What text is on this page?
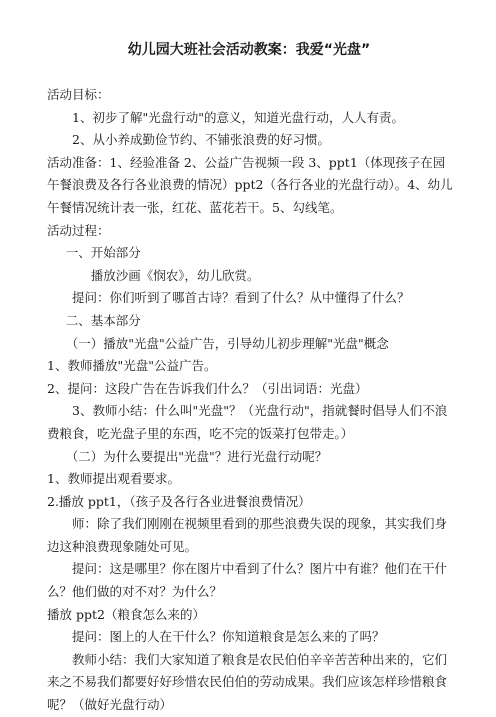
幼儿园大班社会活动教案：我爱“光盘”

活动目标：

1、初步了解"光盘行动"的意义，知道光盘行动，人人有责。

2、从小养成勤俭节约、不铺张浪费的好习惯。

活动准备：1、经验准备 2、公益广告视频一段 3、ppt1（体现孩子在园午餐浪费及各行各业浪费的情况）ppt2（各行各业的光盘行动）。4、幼儿午餐情况统计表一张，红花、蓝花若干。5、勾线笔。

活动过程：

一、开始部分

播放沙画《悯农》，幼儿欣赏。

提问：你们听到了哪首古诗？看到了什么？从中懂得了什么？

二、基本部分

（一）播放"光盘"公益广告，引导幼儿初步理解"光盘"概念

1、教师播放"光盘"公益广告。

2、提问：这段广告在告诉我们什么？（引出词语：光盘）

3、教师小结：什么叫"光盘"？（光盘行动"，指就餐时倡导人们不浪费粮食，吃光盘子里的东西，吃不完的饭菜打包带走。）

（二）为什么要提出"光盘"？进行光盘行动呢？

1、教师提出观看要求。

2.播放 ppt1，（孩子及各行各业进餐浪费情况）

师：除了我们刚刚在视频里看到的那些浪费失误的现象，其实我们身边这种浪费现象随处可见。

提问：这是哪里？你在图片中看到了什么？图片中有谁？他们在干什么？他们做的对不对？为什么？

播放 ppt2（粮食怎么来的）

提问：图上的人在干什么？你知道粮食是怎么来的了吗？

教师小结：我们大家知道了粮食是农民伯伯辛辛苦苦种出来的，它们来之不易我们都要好好珍惜农民伯伯的劳动成果。我们应该怎样珍惜粮食呢？（做好光盘行动）
